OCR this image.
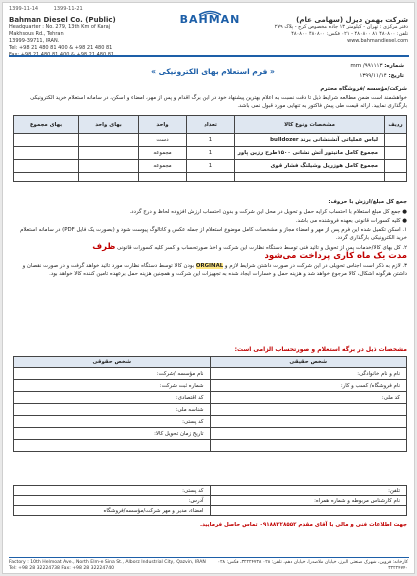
1399-11-14	1399-11-21
BAHMAN
Bahman Diesel Co. (Public)
Headquarter : No. 279, 13th Km of Karaj Makhsous Rd., Tehran
13999-39711, IRAN.
Tel: +98 21 480 81 400 & +98 21 480 81
شرکت بهمن دیزل (سهامی عام)
دفتر مرکزی : تهران - کیلومتر ۱۳ جاده مخصوص کرج - پلاک ۲۷۹
تلفن: ۴۸۰۸۰۰ ۸۱ ۴۸۰۸۰۰ - ۰۲۱ فکس: ۴۸۰۸۰۰ ۴۸۰۸۰۰
www.bahmandiesel.com
شماره: ۹۹۱۱۱۳/ mm
تاریخ: ۱۳۹۹/۱۱/۱۴
« فرم استعلام بهای الکترونیکی »
شرکت/مؤسسه /فروشگاه محترم
خواهشمند است ضمن مطالعه شرایط ذیل تا دقت نسبت به اعلام بهترین پیشنهاد خود در این برگ اقدام و پس از مهر، امضاء و اسکن، در سامانه استعلام خرید الکترونیکی بارگذاری نمایید. ارائه قیمت طی پیش فاکتور به تنهایی مورد قبول نمی باشد.
ردیف	مشخصات ونوع کالا	تعداد	واحد	بهای واحد	بهای مجموع
	لباس عملیاتی آتشنشانی برند bulldozer	1	دست		
	مجموع کامل مانیتور آتش نشانی ۱۵۰۰طرح رزین پاور	1	مجموعه		
	مجموع کامل هوزریل وشیلنگ فشار قوی	1	مجموعه		

جمع کل مبلغ/ارزش با حروف:

● جمع کل مبلغ استعلام با احتساب کرایه حمل و تحویل در محل این شرکت و بدون احتساب ارزش افزوده لحاظ و درج گردد.

● کلیه کسورات قانونی بعهده فروشنده می باشد.

۱. اسکن تکمیل شده این فرم پس از مهر و امضاء مجاز و مشخصات کامل موضوع استعلام از جمله عکس و کاتالوگ پیوست شود و (بصورت یک فایل PDF) در سامانه استعلام خرید الکترونیکی بارگذاری گردد.

۲. کل بهای کالا/خدمات پس از تحویل و تائید فنی توسط دستگاه نظارت این شرکت و اخذ صورتحساب و کسر کلیه کسورات قانونی ظرف
مدت یک ماه کاری پرداخت می‌شود

۳. لازم به ذکر است اجناس تحویلی در این شرکت در صورت داشتن شرایط لازم و ORGINAL بودن کالا توسط دستگاه نظارت مورد تائید خواهد گرفت و در صورت نقصان و داشتن هرگونه اشکال، کالا مرجوع خواهد شد و هزینه حمل و خسارات ایجاد شده به تجهیزات این شرکت و همچنین هزینه حمل برعهده تامین کننده کالا خواهد بود.

مشخصات ذیل در برگه استعلام و صورتحساب الزامی است:
شخص حقیقی	شخص حقوقی
نام و نام خانوادگی:	نام مؤسسه /شرکت:
نام فروشگاه/ کسب و کار:	شماره ثبت شرکت:
کد ملی:	کد اقتصادی:
	شناسه ملی:
	کد پستی:
	تاریخ زمان تحویل کالا:

تلفن:	کد پستی:
نام کارشناس مربوطه و شماره همراه:	آدرس:
	امضاء، مدیر و مهر شرکت/مؤسسه/فروشگاه
جهت اطلاعات فنی و مالی با آقای مقدم ۰۹۱۸۸۲۲۸۵۵۲ تماس حاصل فرمایید.
Factory : 10th Helmoat Ave., North Elm-e Sina St., Alborz Industrial City, Qazvin, IRAN Tel: +98 28 32224738 Fax: +98 28 32224740
کارخانه: قزوین، شهرک صنعتی البرز، خیابان ملاصدرا، خیابان دهم، تلفن: ۰۲۸ ۳۲۲۲۴۷۳۸، فکس: ۰۲۸ ۳۲۲۲۴۷۴۰
